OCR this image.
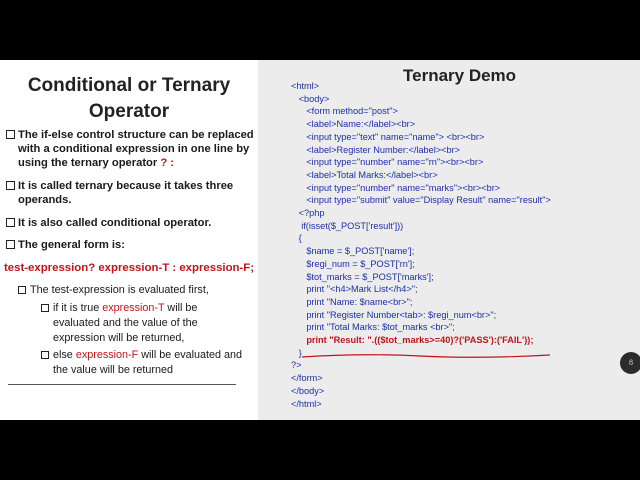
Conditional or Ternary
Operator
The if-else control structure can be replaced
with a conditional expression in one line by
using the ternary operator ? :
It is called ternary because it takes three
operands.
It is also called conditional operator.
The general form is:
test-expression? expression-T : expression-F;
The test-expression is evaluated first,
if it is true expression-T will be
evaluated and the value of the
expression will be returned,
else expression-F will be evaluated and
the value will be returned
Ternary Demo
<html>
<body>
<form method="post">
<label>Name:</label><br>
<input type="text" name="name"> <br><br>
<label>Register Number:</label><br>
<input type="number" name="rn"><br><br>
<label>Total Marks:</label><br>
<input type="number" name="marks"><br><br>
<input type="submit" value="Display Result" name="result">
<?php
if(isset($_POST['result']))
{
$name = $_POST['name'];
$regi_num = $_POST['rn'];
$tot_marks = $_POST['marks'];
print "<h4>Mark List</h4>";
print "Name: $name<br>";
print "Register Number<tab>: $regi_num<br>";
print "Total Marks: $tot_marks <br>";
print "Result: ".(($tot_marks>=40)?('PASS'):('FAIL'));
}
?>
</form>
</body>
</html>
8
